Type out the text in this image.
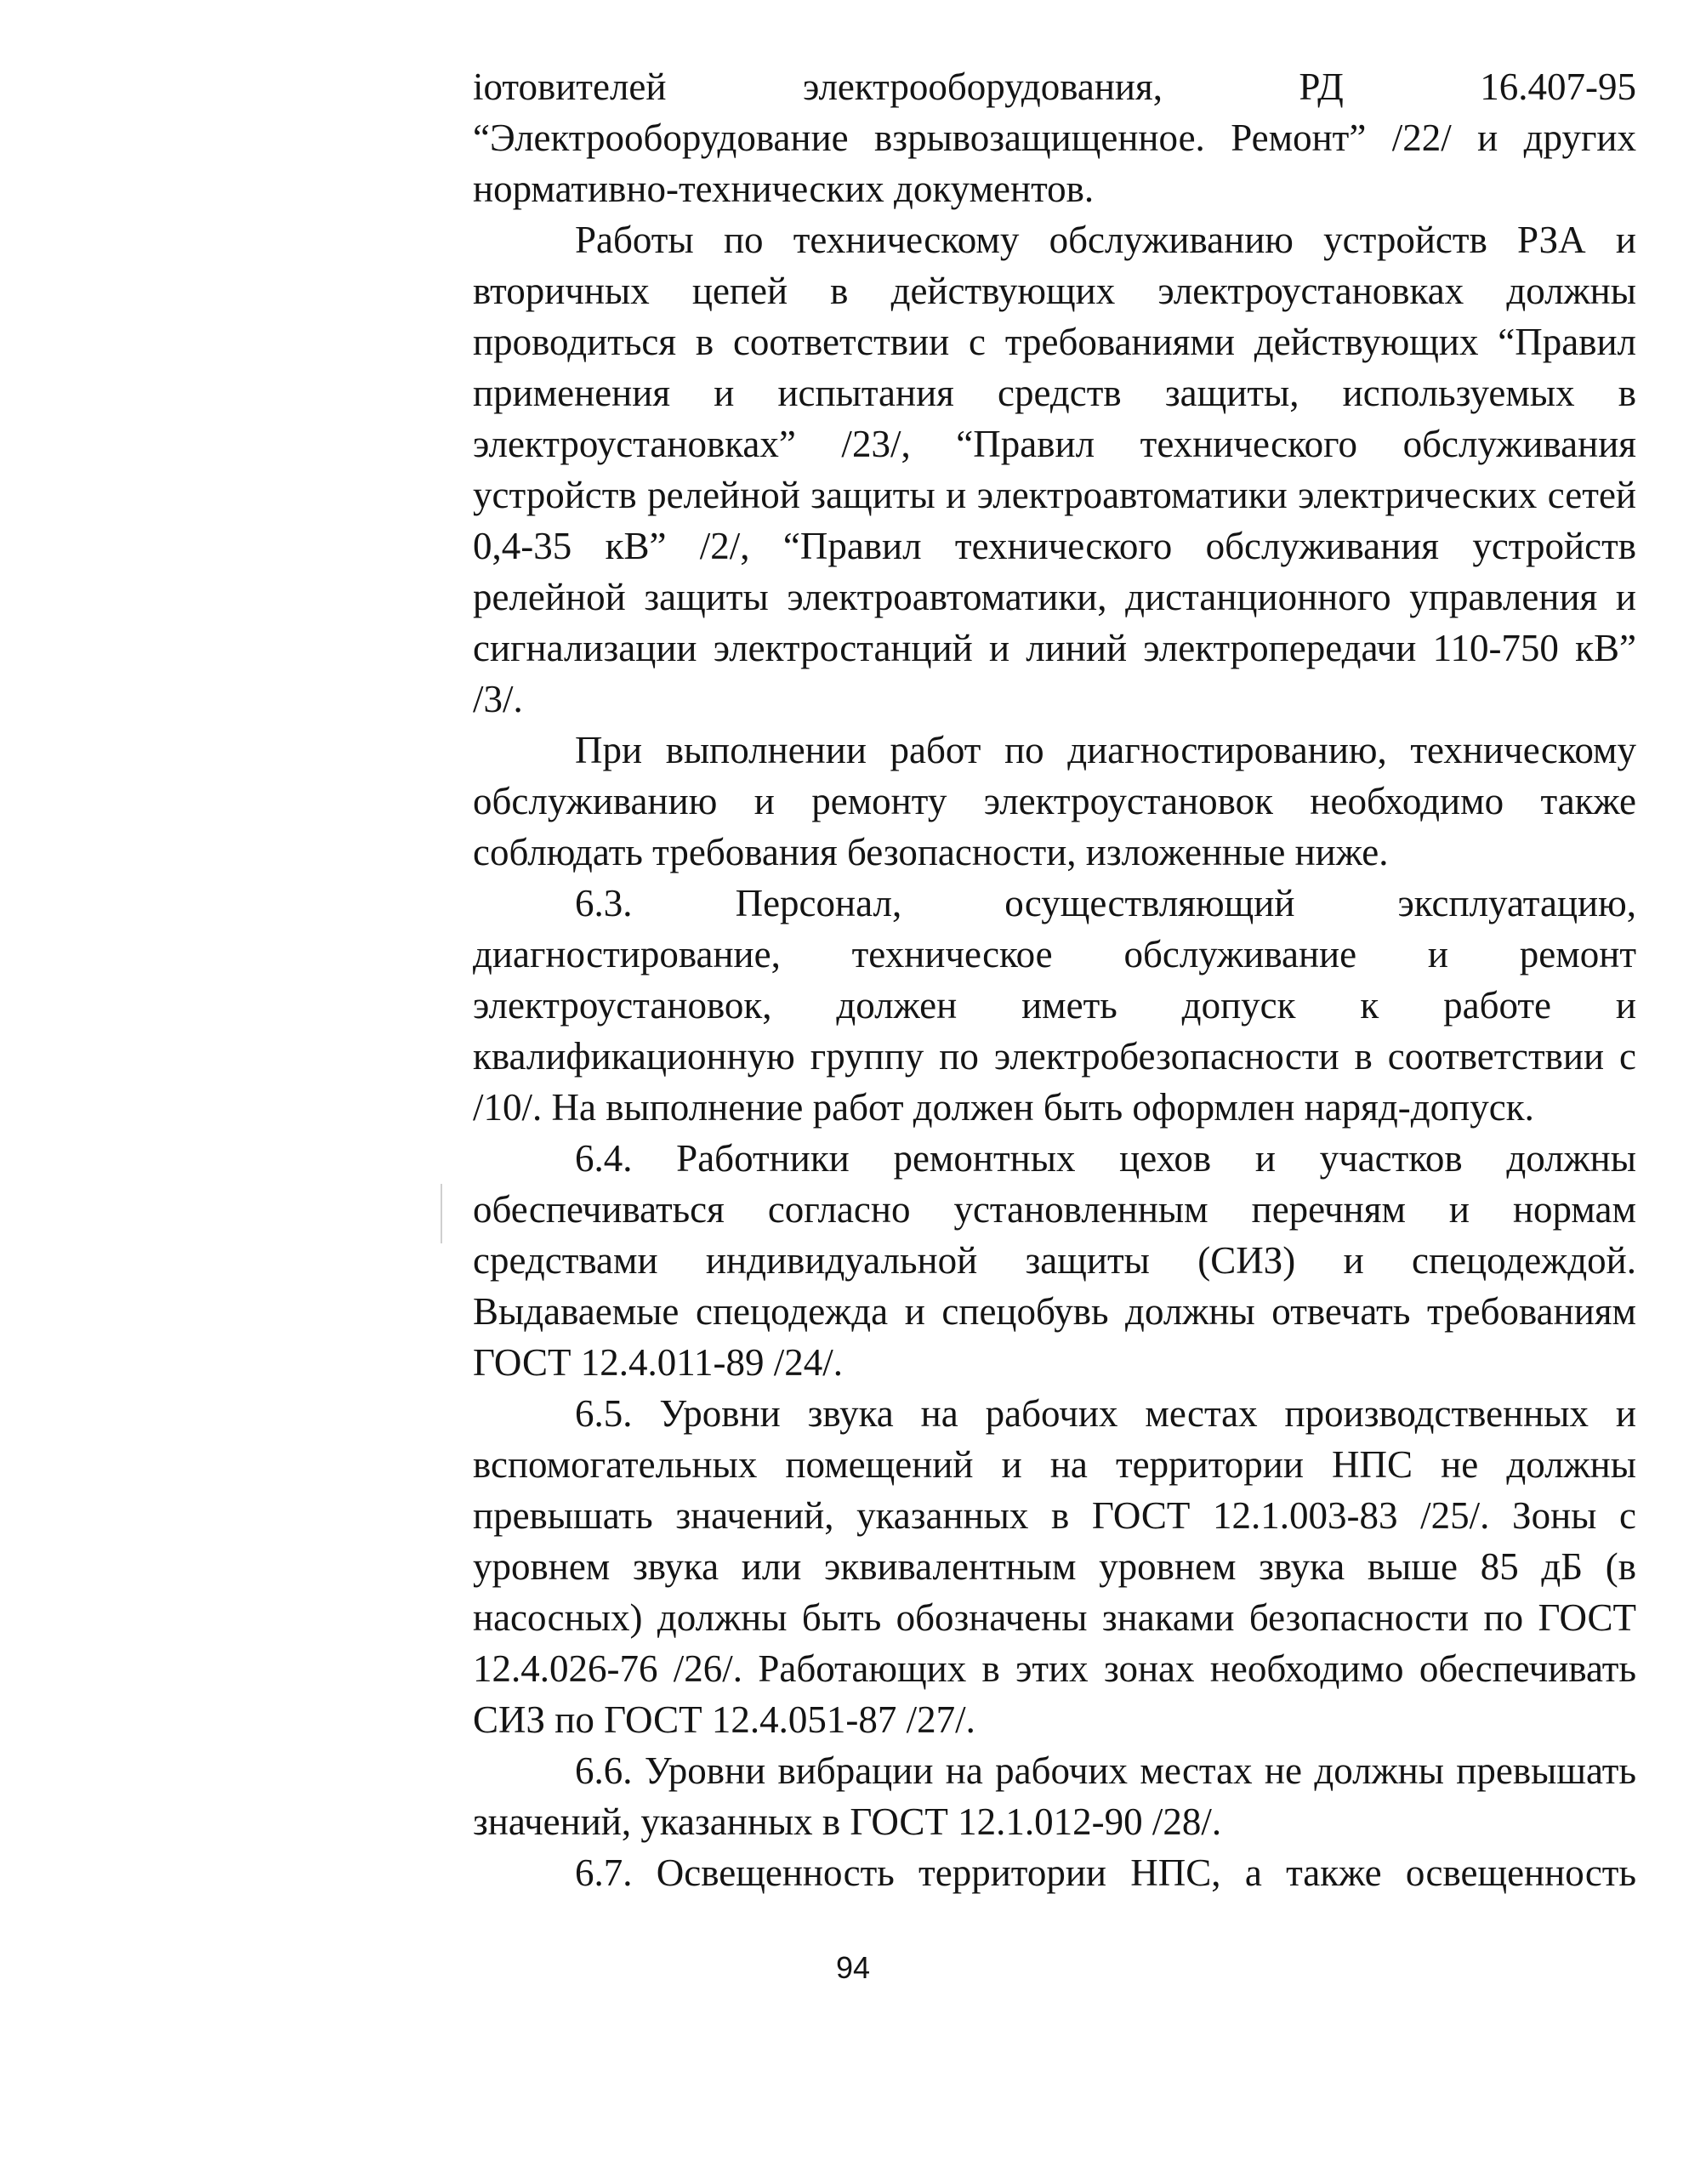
іотовителей электрооборудования, РД 16.407-95 “Электрооборудование взрывозащищенное. Ремонт” /22/ и других нормативно-технических документов.

Работы по техническому обслуживанию устройств РЗА и вторичных цепей в действующих электроустановках должны проводиться в соответствии с требованиями действующих “Правил применения и испытания средств защиты, используемых в электроустановках” /23/, “Правил технического обслуживания устройств релейной защиты и электроавтоматики электрических сетей 0,4-35 кВ” /2/, “Правил технического обслуживания устройств релейной защиты электроавтоматики, дистанционного управления и сигнализации электростанций и линий электропередачи 110-750 кВ” /3/.

При выполнении работ по диагностированию, техническому обслуживанию и ремонту электроустановок необходимо также соблюдать требования безопасности, изложенные ниже.

6.3. Персонал, осуществляющий эксплуатацию, диагностирование, техническое обслуживание и ремонт электроустановок, должен иметь допуск к работе и квалификационную группу по электробезопасности в соответствии с /10/. На выполнение работ должен быть оформлен наряд-допуск.

6.4. Работники ремонтных цехов и участков должны обеспечиваться согласно установленным перечням и нормам средствами индивидуальной защиты (СИЗ) и спецодеждой. Выдаваемые спецодежда и спецобувь должны отвечать требованиям ГОСТ 12.4.011-89 /24/.

6.5. Уровни звука на рабочих местах производственных и вспомогательных помещений и на территории НПС не должны превышать значений, указанных в ГОСТ 12.1.003-83 /25/. Зоны с уровнем звука или эквивалентным уровнем звука выше 85 дБ (в насосных) должны быть обозначены знаками безопасности по ГОСТ 12.4.026-76 /26/. Работающих в этих зонах необходимо обеспечивать СИЗ по ГОСТ 12.4.051-87 /27/.

6.6. Уровни вибрации на рабочих местах не должны превышать значений, указанных в ГОСТ 12.1.012-90 /28/.

6.7. Освещенность территории НПС, а также освещенность

94
